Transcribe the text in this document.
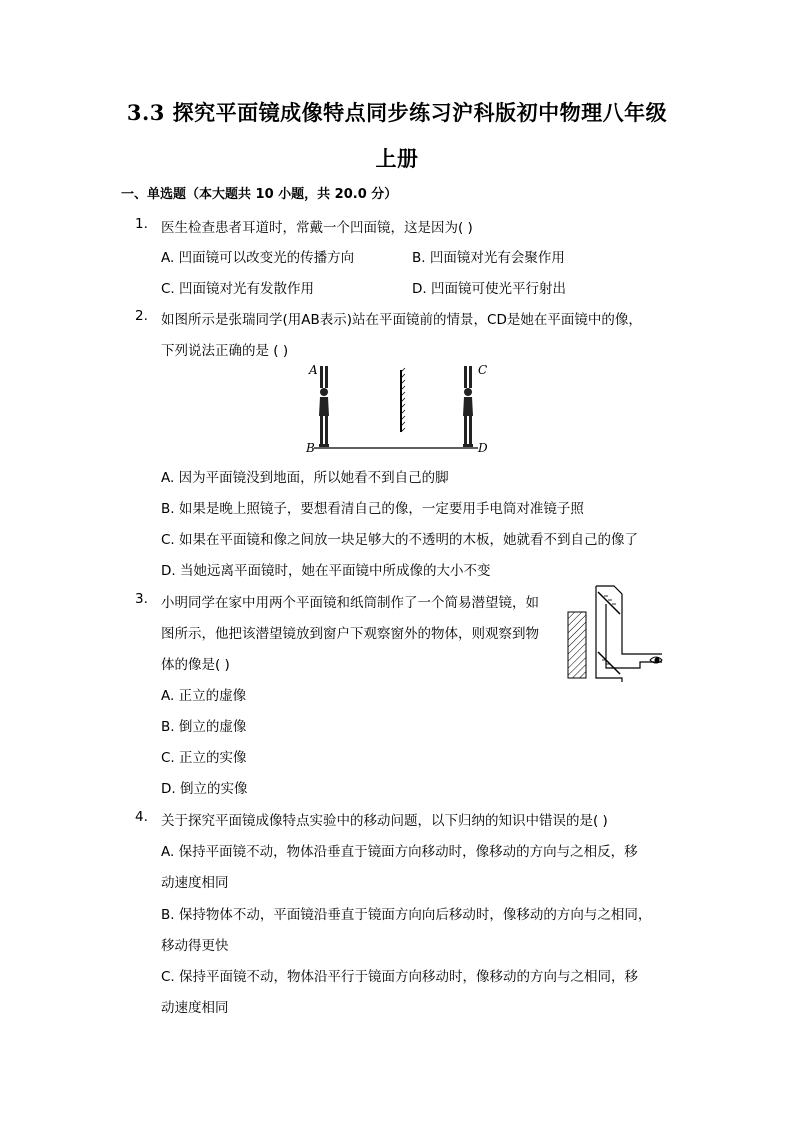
3.3 探究平面镜成像特点同步练习沪科版初中物理八年级
上册
一、单选题（本大题共 10 小题，共 20.0 分）
1. 医生检查患者耳道时，常戴一个凹面镜，这是因为( )
A. 凹面镜可以改变光的传播方向	B. 凹面镜对光有会聚作用
C. 凹面镜对光有发散作用	D. 凹面镜可使光平行射出
2. 如图所示是张瑞同学(用AB表示)站在平面镜前的情景，CD是她在平面镜中的像，
下列说法正确的是 ( )
A
B
C
D
A. 因为平面镜没到地面，所以她看不到自己的脚
B. 如果是晚上照镜子，要想看清自己的像，一定要用手电筒对准镜子照
C. 如果在平面镜和像之间放一块足够大的不透明的木板，她就看不到自己的像了
D. 当她远离平面镜时，她在平面镜中所成像的大小不变
3. 小明同学在家中用两个平面镜和纸筒制作了一个简易潜望镜，如
图所示，他把该潜望镜放到窗户下观察窗外的物体，则观察到物
体的像是( )
A. 正立的虚像
B. 倒立的虚像
C. 正立的实像
D. 倒立的实像
4. 关于探究平面镜成像特点实验中的移动问题，以下归纳的知识中错误的是( )
A. 保持平面镜不动，物体沿垂直于镜面方向移动时，像移动的方向与之相反，移
动速度相同
B. 保持物体不动，平面镜沿垂直于镜面方向向后移动时，像移动的方向与之相同，
移动得更快
C. 保持平面镜不动，物体沿平行于镜面方向移动时，像移动的方向与之相同，移
动速度相同
